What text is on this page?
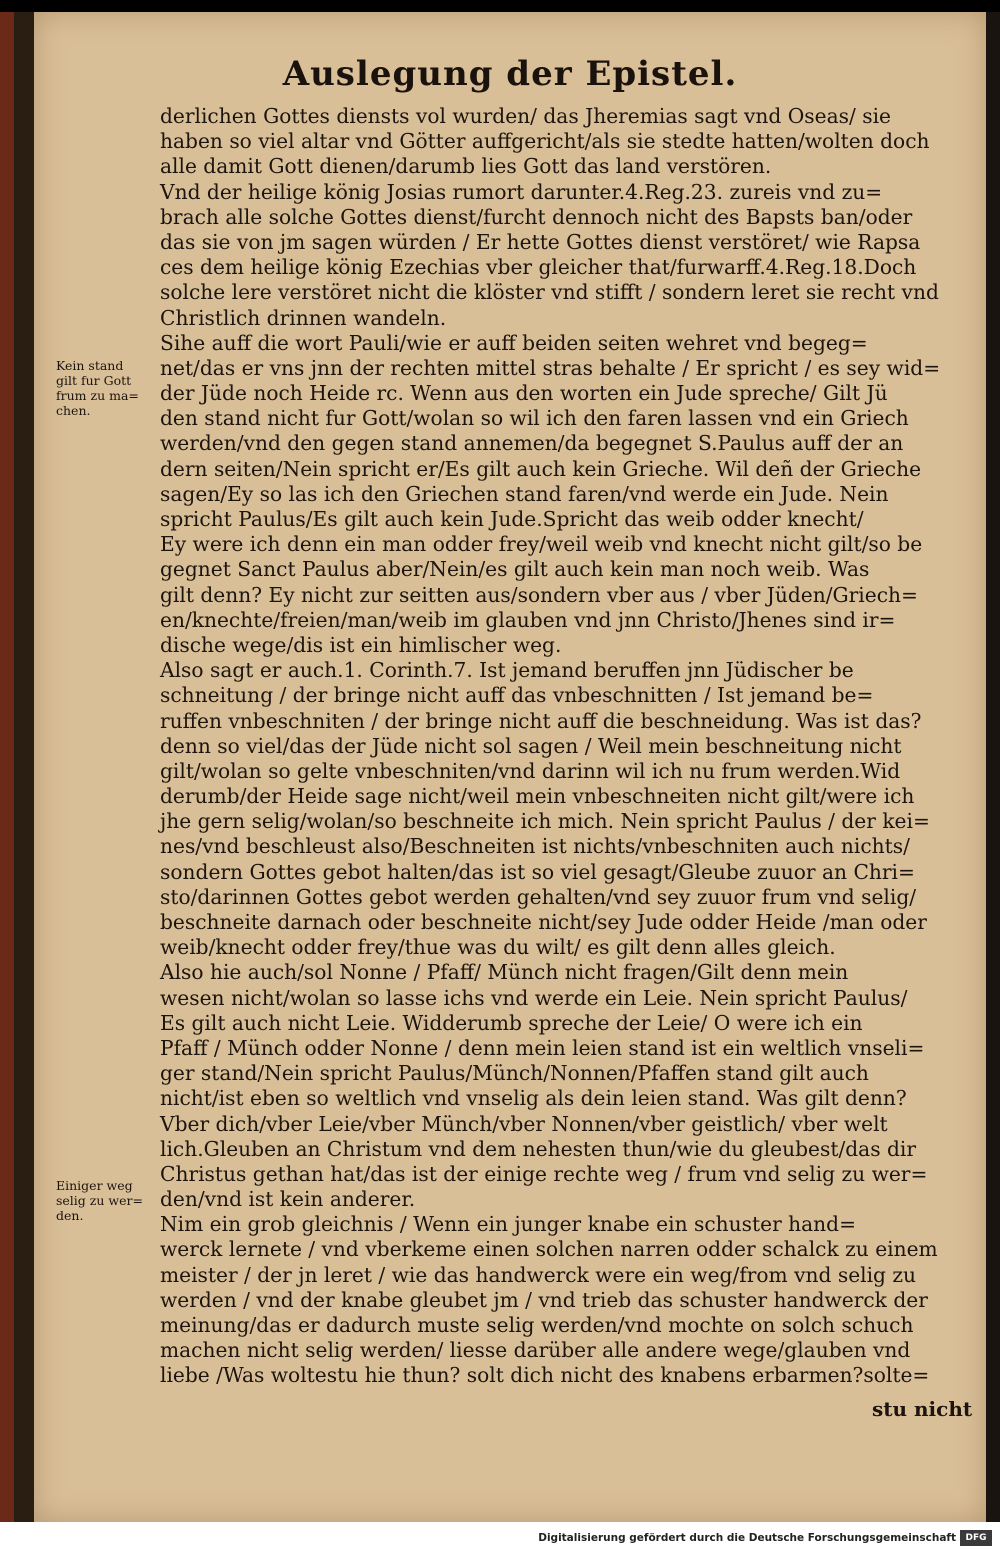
Auslegung der Epistel.
Kein stand
gilt fur Gott
frum zu ma=
chen.
Einiger weg
selig zu wer=
den.
derlichen Gottes diensts vol wurden/ das Jheremias sagt vnd Oseas/ sie
haben so viel altar vnd Götter auffgericht/als sie stedte hatten/wolten doch
alle damit Gott dienen/darumb lies Gott das land verstören.
Vnd der heilige könig Josias rumort darunter.4.Reg.23. zureis vnd zu=
brach alle solche Gottes dienst/furcht dennoch nicht des Bapsts ban/oder
das sie von jm sagen würden / Er hette Gottes dienst verstöret/ wie Rapsa
ces dem heilige könig Ezechias vber gleicher that/furwarff.4.Reg.18.Doch
solche lere verstöret nicht die klöster vnd stifft / sondern leret sie recht vnd
Christlich drinnen wandeln.
Sihe auff die wort Pauli/wie er auff beiden seiten wehret vnd begeg=
net/das er vns jnn der rechten mittel stras behalte / Er spricht / es sey wid=
der Jüde noch Heide rc. Wenn aus den worten ein Jude spreche/ Gilt Jü
den stand nicht fur Gott/wolan so wil ich den faren lassen vnd ein Griech
werden/vnd den gegen stand annemen/da begegnet S.Paulus auff der an
dern seiten/Nein spricht er/Es gilt auch kein Grieche. Wil deñ der Grieche
sagen/Ey so las ich den Griechen stand faren/vnd werde ein Jude. Nein
spricht Paulus/Es gilt auch kein Jude.Spricht das weib odder knecht/
Ey were ich denn ein man odder frey/weil weib vnd knecht nicht gilt/so be
gegnet Sanct Paulus aber/Nein/es gilt auch kein man noch weib. Was
gilt denn? Ey nicht zur seitten aus/sondern vber aus / vber Jüden/Griech=
en/knechte/freien/man/weib im glauben vnd jnn Christo/Jhenes sind ir=
dische wege/dis ist ein himlischer weg.
Also sagt er auch.1. Corinth.7. Ist jemand beruffen jnn Jüdischer be
schneitung / der bringe nicht auff das vnbeschnitten / Ist jemand be=
ruffen vnbeschniten / der bringe nicht auff die beschneidung. Was ist das?
denn so viel/das der Jüde nicht sol sagen / Weil mein beschneitung nicht
gilt/wolan so gelte vnbeschniten/vnd darinn wil ich nu frum werden.Wid
derumb/der Heide sage nicht/weil mein vnbeschneiten nicht gilt/were ich
jhe gern selig/wolan/so beschneite ich mich. Nein spricht Paulus / der kei=
nes/vnd beschleust also/Beschneiten ist nichts/vnbeschniten auch nichts/
sondern Gottes gebot halten/das ist so viel gesagt/Gleube zuuor an Chri=
sto/darinnen Gottes gebot werden gehalten/vnd sey zuuor frum vnd selig/
beschneite darnach oder beschneite nicht/sey Jude odder Heide /man oder
weib/knecht odder frey/thue was du wilt/ es gilt denn alles gleich.
Also hie auch/sol Nonne / Pfaff/ Münch nicht fragen/Gilt denn mein
wesen nicht/wolan so lasse ichs vnd werde ein Leie. Nein spricht Paulus/
Es gilt auch nicht Leie. Widderumb spreche der Leie/ O were ich ein
Pfaff / Münch odder Nonne / denn mein leien stand ist ein weltlich vnseli=
ger stand/Nein spricht Paulus/Münch/Nonnen/Pfaffen stand gilt auch
nicht/ist eben so weltlich vnd vnselig als dein leien stand. Was gilt denn?
Vber dich/vber Leie/vber Münch/vber Nonnen/vber geistlich/ vber welt
lich.Gleuben an Christum vnd dem nehesten thun/wie du gleubest/das dir
Christus gethan hat/das ist der einige rechte weg / frum vnd selig zu wer=
den/vnd ist kein anderer.
Nim ein grob gleichnis / Wenn ein junger knabe ein schuster hand=
werck lernete / vnd vberkeme einen solchen narren odder schalck zu einem
meister / der jn leret / wie das handwerck were ein weg/from vnd selig zu
werden / vnd der knabe gleubet jm / vnd trieb das schuster handwerck der
meinung/das er dadurch muste selig werden/vnd mochte on solch schuch
machen nicht selig werden/ liesse darüber alle andere wege/glauben vnd
liebe /Was woltestu hie thun? solt dich nicht des knabens erbarmen?solte=
stu nicht
Digitalisierung gefördert durch die Deutsche Forschungsgemeinschaft	DFG
